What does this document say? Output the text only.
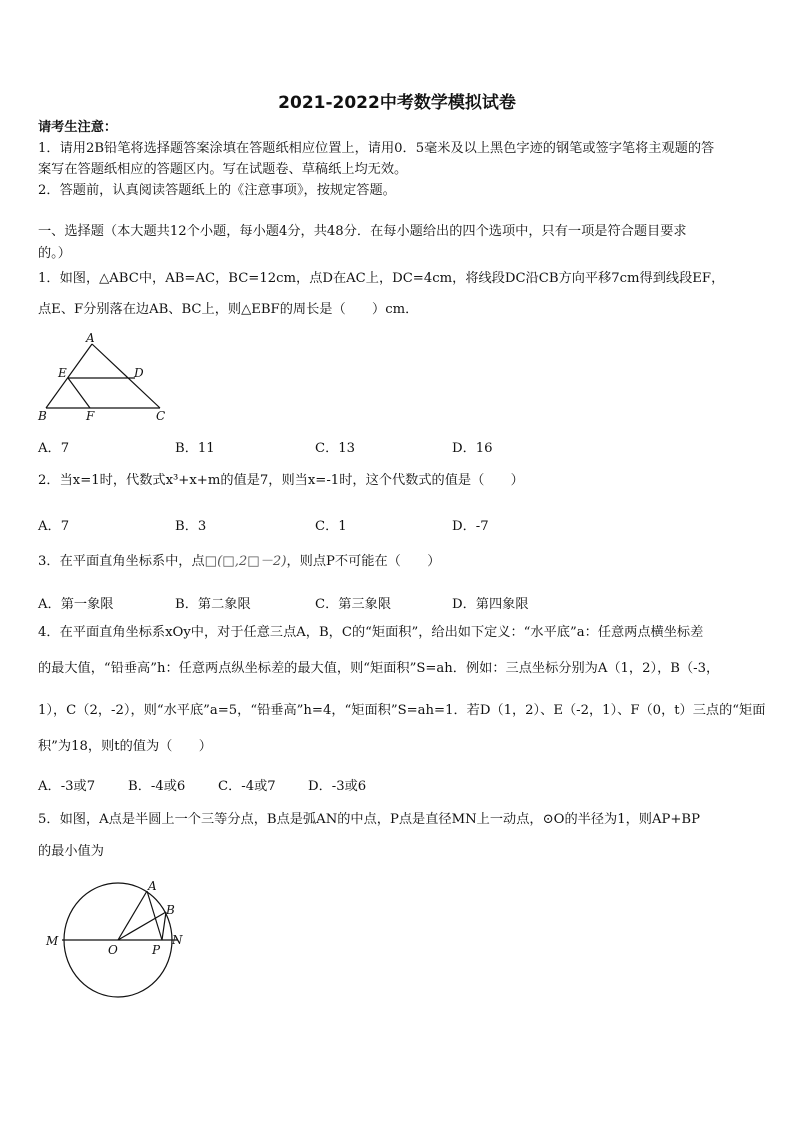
2021-2022中考数学模拟试卷
请考生注意：
1．请用2B铅笔将选择题答案涂填在答题纸相应位置上，请用0．5毫米及以上黑色字迹的钢笔或签字笔将主观题的答
案写在答题纸相应的答题区内。写在试题卷、草稿纸上均无效。
2．答题前，认真阅读答题纸上的《注意事项》，按规定答题。
一、选择题（本大题共12个小题，每小题4分，共48分．在每小题给出的四个选项中，只有一项是符合题目要求
的。）
1．如图，△ABC中，AB=AC，BC=12cm，点D在AC上，DC=4cm，将线段DC沿CB方向平移7cm得到线段EF，
点E、F分别落在边AB、BC上，则△EBF的周长是（　　）cm．
A
E	D
B	F	C
A．7	B．11	C．13	D．16
2．当x=1时，代数式x³+x+m的值是7，则当x=-1时，这个代数式的值是（　　）
A．7	B．3	C．1	D．-7
3．在平面直角坐标系中，点□(□,2□－2)，则点P不可能在（　　）
A．第一象限	B．第二象限	C．第三象限	D．第四象限
4．在平面直角坐标系xOy中，对于任意三点A，B，C的“矩面积”，给出如下定义：“水平底”a：任意两点横坐标差
的最大值，“铅垂高”h：任意两点纵坐标差的最大值，则“矩面积”S=ah．例如：三点坐标分别为A（1，2），B（-3，
1），C（2，-2），则“水平底”a=5，“铅垂高”h=4，“矩面积”S=ah=1．若D（1，2）、E（-2，1）、F（0，t）三点的“矩面
积”为18，则t的值为（　　）
A．-3或7 B．-4或6 C．-4或7 D．-3或6
5．如图，A点是半圆上一个三等分点，B点是弧AN的中点，P点是直径MN上一动点，⊙O的半径为1，则AP+BP
的最小值为
A
B
M	N
O	P
